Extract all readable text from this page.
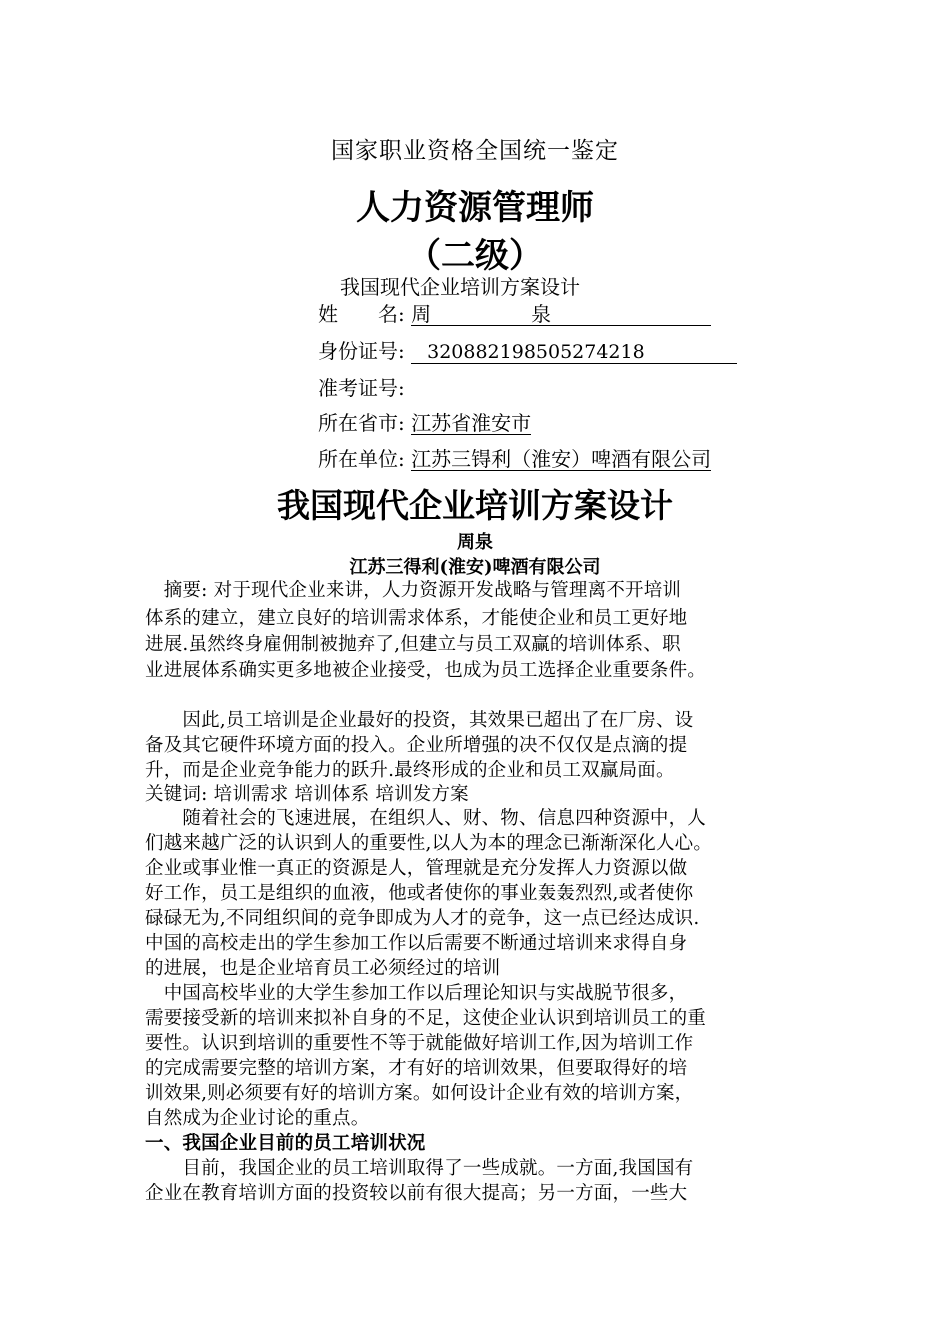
国家职业资格全国统一鉴定
人力资源管理师
（二级）
我国现代企业培训方案设计
姓　　名: 周　　　　　泉
身份证号: 320882198505274218
准考证号:
所在省市: 江苏省淮安市
所在单位: 江苏三锝利（淮安）啤酒有限公司
我国现代企业培训方案设计
周泉
江苏三得利(淮安)啤酒有限公司
　摘要: 对于现代企业来讲，人力资源开发战略与管理离不开培训
体系的建立，建立良好的培训需求体系，才能使企业和员工更好地
进展.虽然终身雇佣制被抛弃了,但建立与员工双赢的培训体系、职
业进展体系确实更多地被企业接受，也成为员工选择企业重要条件。
　　因此,员工培训是企业最好的投资，其效果已超出了在厂房、设
备及其它硬件环境方面的投入。企业所增强的决不仅仅是点滴的提
升，而是企业竞争能力的跃升.最终形成的企业和员工双赢局面。
关键词: 培训需求 培训体系 培训发方案
　　随着社会的飞速进展，在组织人、财、物、信息四种资源中，人
们越来越广泛的认识到人的重要性,以人为本的理念已渐渐深化人心。
企业或事业惟一真正的资源是人，管理就是充分发挥人力资源以做
好工作，员工是组织的血液，他或者使你的事业轰轰烈烈,或者使你
碌碌无为,不同组织间的竞争即成为人才的竞争，这一点已经达成识.
中国的高校走出的学生参加工作以后需要不断通过培训来求得自身
的进展，也是企业培育员工必须经过的培训
　中国高校毕业的大学生参加工作以后理论知识与实战脱节很多，
需要接受新的培训来拟补自身的不足，这使企业认识到培训员工的重
要性。认识到培训的重要性不等于就能做好培训工作,因为培训工作
的完成需要完整的培训方案，才有好的培训效果，但要取得好的培
训效果,则必须要有好的培训方案。如何设计企业有效的培训方案，
自然成为企业讨论的重点。
一、我国企业目前的员工培训状况
　　目前，我国企业的员工培训取得了一些成就。一方面,我国国有
企业在教育培训方面的投资较以前有很大提高；另一方面，一些大
